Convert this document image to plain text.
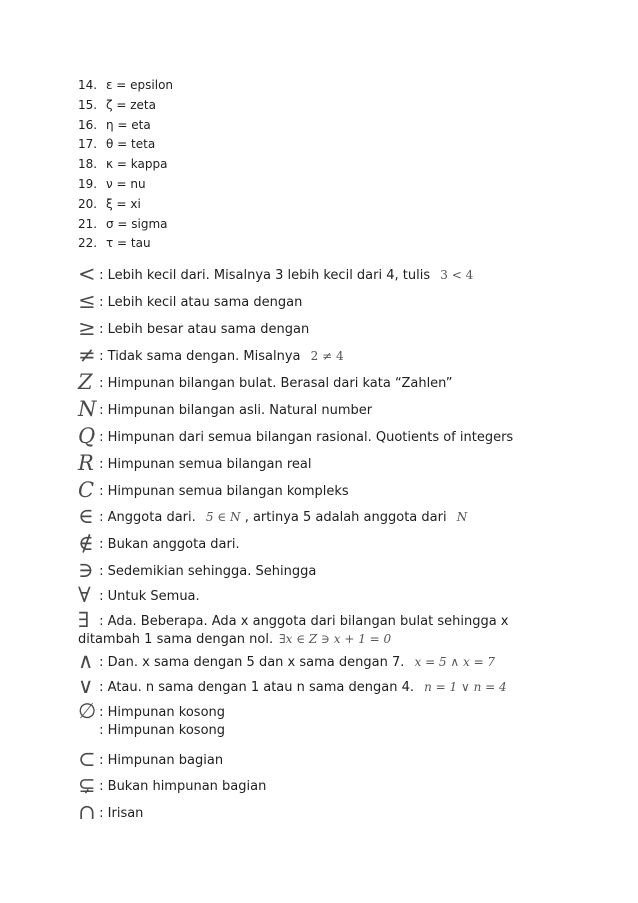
14. ε = epsilon
15. ζ = zeta
16. η = eta
17. θ = teta
18. κ = kappa
19. ν = nu
20. ξ = xi
21. σ = sigma
22. τ = tau
< : Lebih kecil dari. Misalnya 3 lebih kecil dari 4, tulis 3 < 4
≤ : Lebih kecil atau sama dengan
≥ : Lebih besar atau sama dengan
≠ : Tidak sama dengan. Misalnya 2 ≠ 4
Z : Himpunan bilangan bulat. Berasal dari kata “Zahlen”
N : Himpunan bilangan asli. Natural number
Q : Himpunan dari semua bilangan rasional. Quotients of integers
R : Himpunan semua bilangan real
C : Himpunan semua bilangan kompleks
∈ : Anggota dari. 5 ∈ N , artinya 5 adalah anggota dari N
∉ : Bukan anggota dari.
∋ : Sedemikian sehingga. Sehingga
∀ : Untuk Semua.
∃ : Ada. Beberapa. Ada x anggota dari bilangan bulat sehingga x
ditambah 1 sama dengan nol. ∃x ∈ Z ∋ x + 1 = 0
∧ : Dan. x sama dengan 5 dan x sama dengan 7. x = 5 ∧ x = 7
∨ : Atau. n sama dengan 1 atau n sama dengan 4. n = 1 ∨ n = 4
∅ : Himpunan kosong
: Himpunan kosong
⊂ : Himpunan bagian
⊊ : Bukan himpunan bagian
∩ : Irisan
